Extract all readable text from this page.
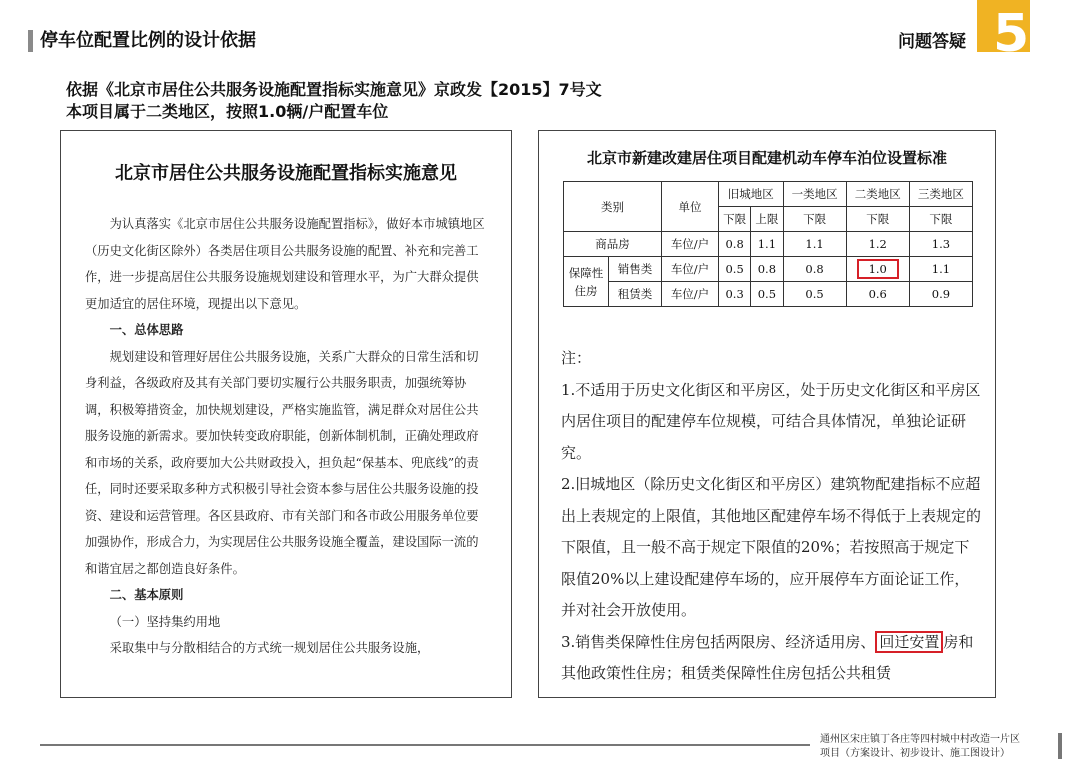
停车位配置比例的设计依据	问题答疑 5
依据《北京市居住公共服务设施配置指标实施意见》京政发【2015】7号文
本项目属于二类地区，按照1.0辆/户配置车位
北京市居住公共服务设施配置指标实施意见

为认真落实《北京市居住公共服务设施配置指标》，做好本市城镇地区（历史文化街区除外）各类居住项目公共服务设施的配置、补充和完善工作，进一步提高居住公共服务设施规划建设和管理水平，为广大群众提供更加适宜的居住环境，现提出以下意见。

一、总体思路

规划建设和管理好居住公共服务设施，关系广大群众的日常生活和切身利益，各级政府及其有关部门要切实履行公共服务职责，加强统筹协调，积极筹措资金，加快规划建设，严格实施监管，满足群众对居住公共服务设施的新需求。要加快转变政府职能，创新体制机制，正确处理政府和市场的关系，政府要加大公共财政投入，担负起“保基本、兜底线”的责任，同时还要采取多种方式积极引导社会资本参与居住公共服务设施的投资、建设和运营管理。各区县政府、市有关部门和各市政公用服务单位要加强协作，形成合力，为实现居住公共服务设施全覆盖，建设国际一流的和谐宜居之都创造良好条件。

二、基本原则

（一）坚持集约用地

采取集中与分散相结合的方式统一规划居住公共服务设施，

北京市新建改建居住项目配建机动车停车泊位设置标准
类别		单位	旧城地区		一类地区	二类地区	三类地区
			下限	上限	下限	下限	下限
商品房		车位/户	0.8	1.1	1.1	1.2	1.3
保障性住房	销售类	车位/户	0.5	0.8	0.8	1.0	1.1
	租赁类	车位/户	0.3	0.5	0.5	0.6	0.9

注：

1.不适用于历史文化街区和平房区，处于历史文化街区和平房区内居住项目的配建停车位规模，可结合具体情况，单独论证研究。

2.旧城地区（除历史文化街区和平房区）建筑物配建指标不应超出上表规定的上限值，其他地区配建停车场不得低于上表规定的下限值，且一般不高于规定下限值的20%；若按照高于规定下限值20%以上建设配建停车场的，应开展停车方面论证工作，并对社会开放使用。

3.销售类保障性住房包括两限房、经济适用房、 回迁安置 房和其他政策性住房；租赁类保障性住房包括公共租赁

通州区宋庄镇丁各庄等四村城中村改造一片区
项目（方案设计、初步设计、施工图设计）
